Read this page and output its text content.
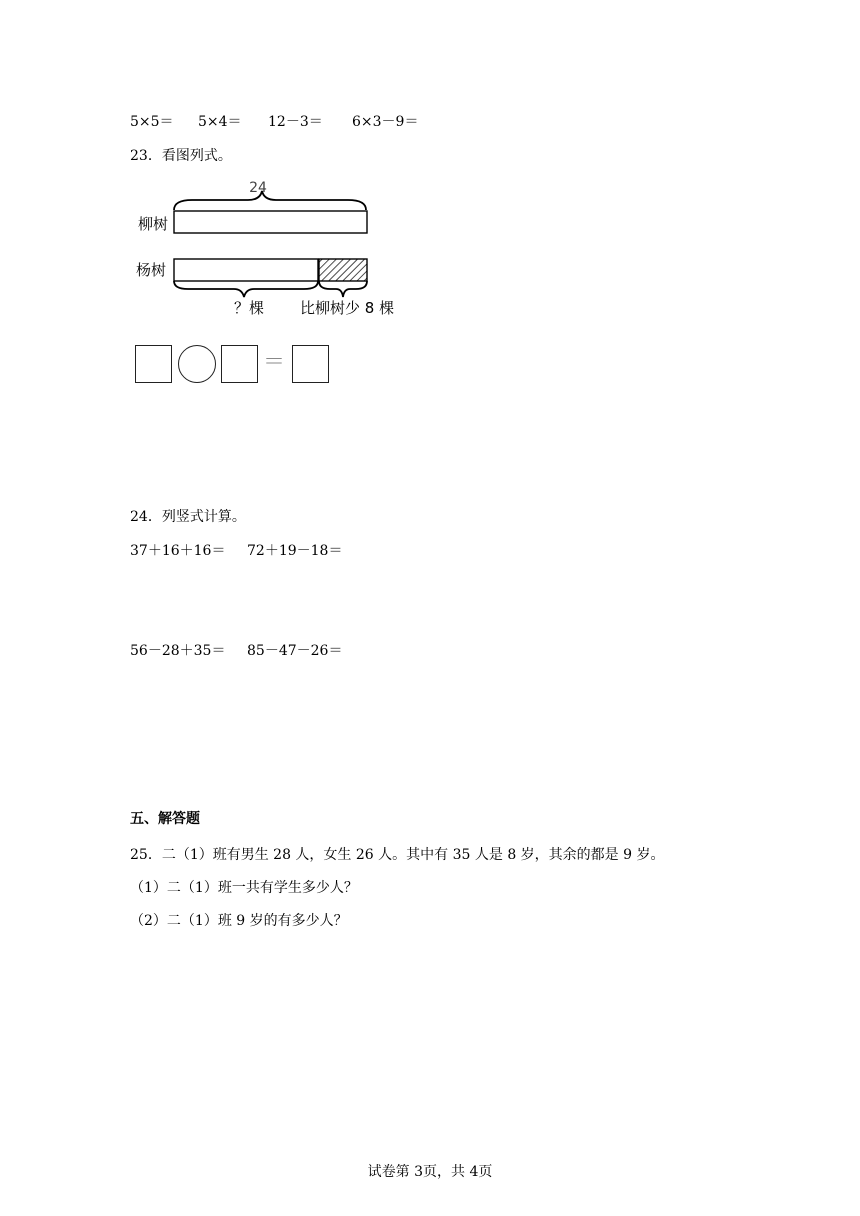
5×5＝ 5×4＝ 12－3＝ 6×3－9＝
23．看图列式。
24
柳树
杨树
？棵 比柳树少 8 棵
＝
24．列竖式计算。
37＋16＋16＝ 72＋19－18＝
56－28＋35＝ 85－47－26＝
五、解答题
25．二（1）班有男生 28 人，女生 26 人。其中有 35 人是 8 岁，其余的都是 9 岁。
（1）二（1）班一共有学生多少人？
（2）二（1）班 9 岁的有多少人？
试卷第 3页，共 4页
